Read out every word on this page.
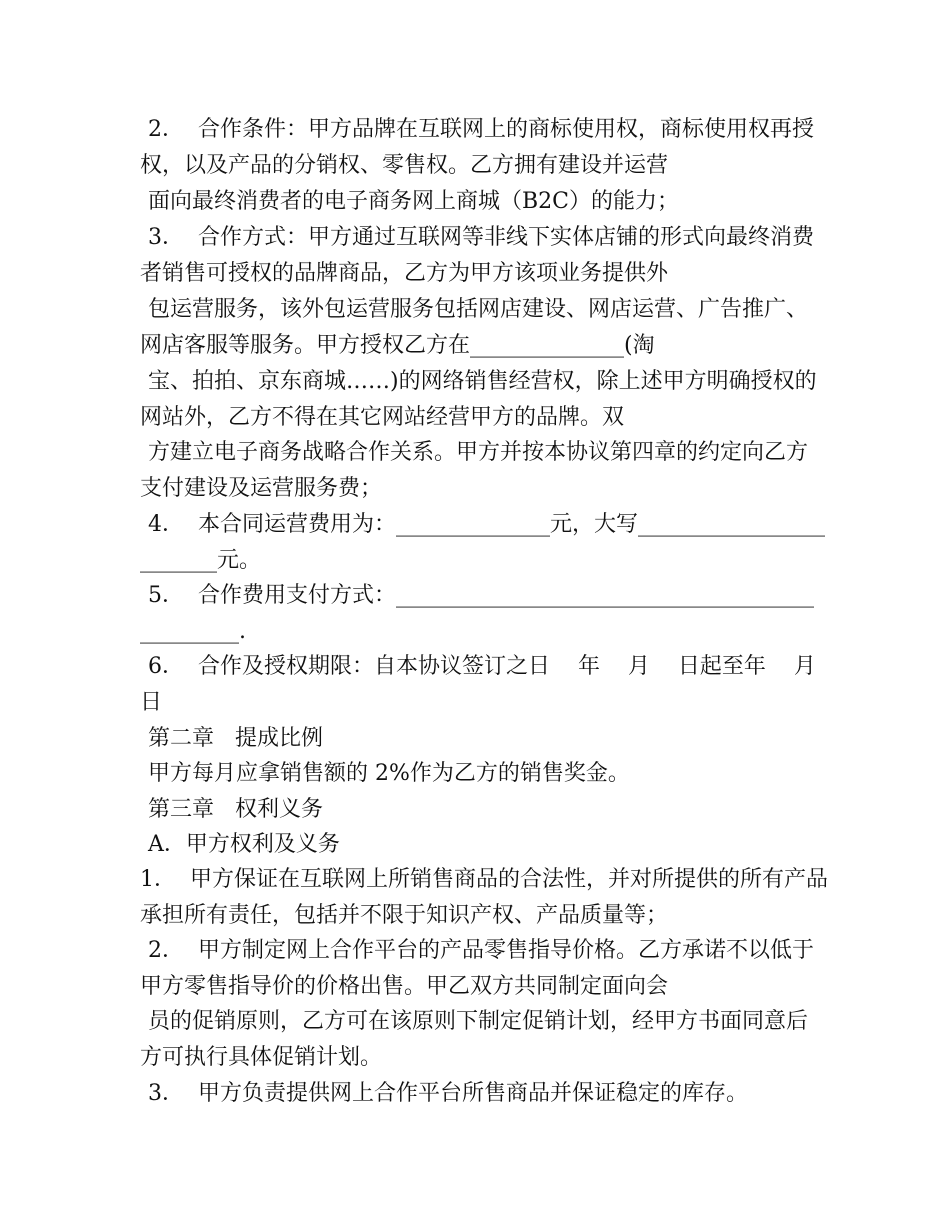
2．  合作条件：甲方品牌在互联网上的商标使用权，商标使用权再授
权，以及产品的分销权、零售权。乙方拥有建设并运营
面向最终消费者的电子商务网上商城（B2C）的能力；
3．  合作方式：甲方通过互联网等非线下实体店铺的形式向最终消费
者销售可授权的品牌商品，乙方为甲方该项业务提供外
包运营服务，该外包运营服务包括网店建设、网店运营、广告推广、
网店客服等服务。甲方授权乙方在______________(淘
宝、拍拍、京东商城……)的网络销售经营权，除上述甲方明确授权的
网站外，乙方不得在其它网站经营甲方的品牌。双
方建立电子商务战略合作关系。甲方并按本协议第四章的约定向乙方
支付建设及运营服务费；
4．  本合同运营费用为：______________元，大写_________________
_______元。
5．  合作费用支付方式：______________________________________
_________.
6．  合作及授权期限：自本协议签订之日    年    月    日起至年    月
日
第二章   提成比例
甲方每月应拿销售额的 2%作为乙方的销售奖金。
第三章   权利义务
A．甲方权利及义务
1．  甲方保证在互联网上所销售商品的合法性，并对所提供的所有产品
承担所有责任，包括并不限于知识产权、产品质量等；
2．  甲方制定网上合作平台的产品零售指导价格。乙方承诺不以低于
甲方零售指导价的价格出售。甲乙双方共同制定面向会
员的促销原则，乙方可在该原则下制定促销计划，经甲方书面同意后
方可执行具体促销计划。
3．  甲方负责提供网上合作平台所售商品并保证稳定的库存。
